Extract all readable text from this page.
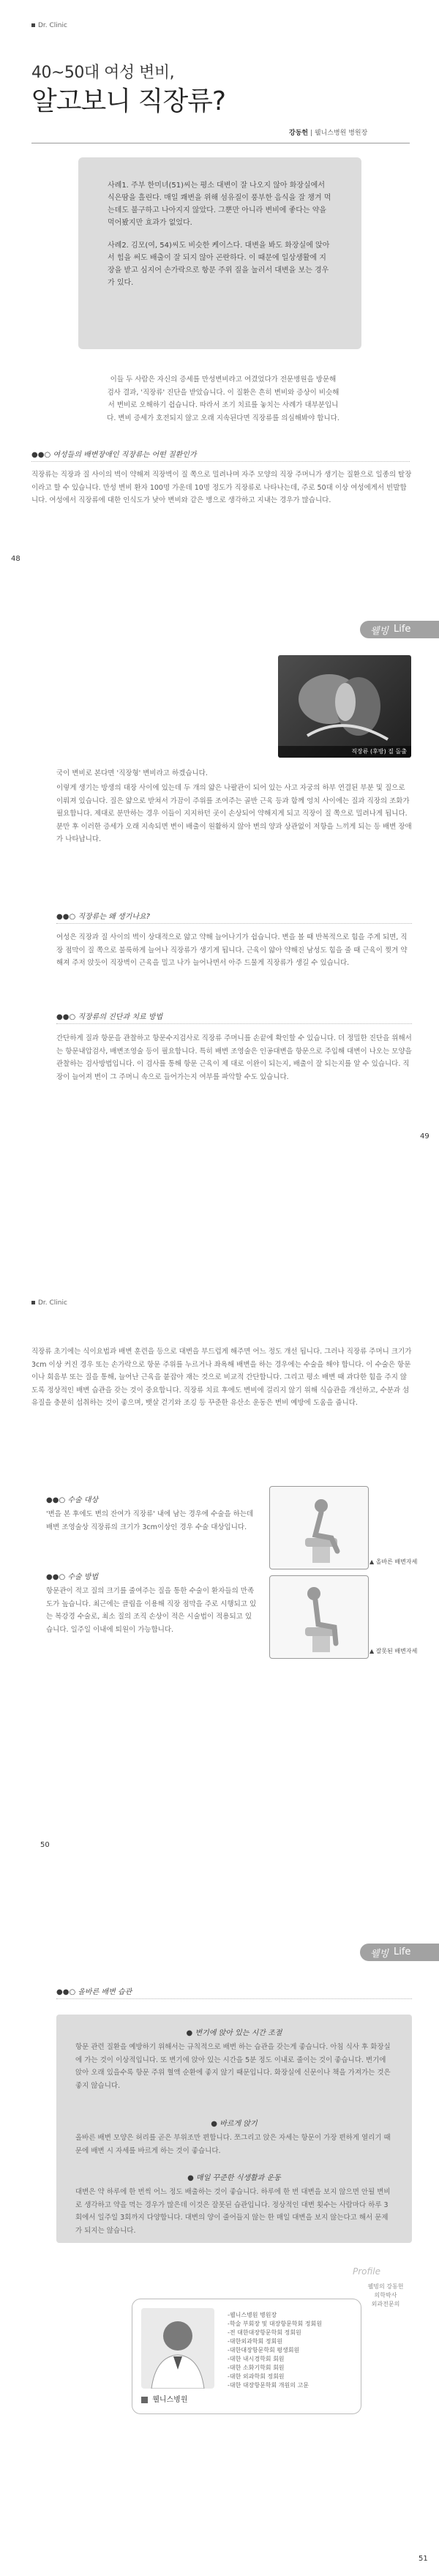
Dr. Clinic
40~50대 여성 변비,
알고보니 직장류?
강동헌 | 웰니스병원 병원장

사례1. 주부 한미녀(51)씨는 평소 대변이 잘 나오지 않아 화장실에서 식은땀을 흘린다. 매일 쾌변을 위해 섬유질이 풍부한 음식을 잘 챙겨 먹는데도 불구하고 나아지지 않았다. 그뿐만 아니라 변비에 좋다는 약을 먹어봤지만 효과가 없었다.

사례2. 김모(여, 54)씨도 비슷한 케이스다. 대변을 봐도 화장실에 앉아서 힘을 써도 배출이 잘 되지 않아 곤란하다. 이 때문에 일상생활에 지장을 받고 심지어 손가락으로 항문 주위 질을 눌러서 대변을 보는 경우가 있다.

이들 두 사람은 자신의 증세를 만성변비라고 여겼었다가 전문병원을 방문해 검사 결과, '직장류' 진단을 받았습니다. 이 질환은 흔히 변비와 증상이 비슷해서 변비로 오해하기 쉽습니다. 따라서 조기 치료를 놓치는 사례가 대부분입니다. 변비 증세가 호전되지 않고 오래 지속된다면 직장류를 의심해봐야 합니다.

●●○ 여성들의 배변장애인 직장류는 어떤 질환인가

직장류는 직장과 질 사이의 벽이 약해져 직장벽이 질 쪽으로 밀려나며 자주 모양의 직장 주머니가 생기는 질환으로 일종의 탈장이라고 할 수 있습니다. 만성 변비 환자 100명 가운데 10명 정도가 직장류로 나타나는데, 주로 50대 이상 여성에게서 빈발합니다. 여성에서 직장류에 대한 인식도가 낮아 변비와 같은 병으로 생각하고 지내는 경우가 많습니다.

48
웰빙 Life
직장류 (후방) 질 돌출

국이 변비로 본다면 '직장형' 변비라고 하겠습니다.

이렇게 생기는 방생의 대장 사이에 있는데 두 개의 얇은 나팔관이 되어 있는 사고 자궁의 하부 연결된 부분 및 질으로 이뤄져 있습니다. 질은 얇으로 받쳐서 가끔이 주위를 조여주는 골반 근육 등과 함께 엉치 사이에는 질과 직장의 조화가 필요합니다. 제대로 분만하는 경우 이들이 지지하던 곳이 손상되어 약해지게 되고 직장이 질 쪽으로 밀려나게 됩니다. 분만 후 이러한 증세가 오래 지속되면 변이 배출이 원활하지 않아 변의 양과 상관없이 저항을 느끼게 되는 등 배변 장애가 나타납니다.

●●○ 직장류는 왜 생기나요?

여성은 직장과 질 사이의 벽이 상대적으로 얇고 약해 늘어나기가 쉽습니다. 변을 볼 때 반복적으로 힘을 주게 되면, 직장 점막이 질 쪽으로 불룩하게 늘어나 직장류가 생기게 됩니다. 근육이 얇아 약해진 남성도 힘을 줄 때 근육이 찢겨 약해져 주저 앉듯이 직장벽이 근육을 밀고 나가 늘어나면서 아주 드물게 직장류가 생길 수 있습니다.

●●○ 직장류의 진단과 치료 방법

간단하게 질과 항문을 관찰하고 항문수지검사로 직장류 주머니를 손끝에 확인할 수 있습니다. 더 정밀한 진단을 위해서는 항문내압검사, 배변조영술 등이 필요합니다. 특히 배변 조영술은 인공대변을 항문으로 주입해 대변이 나오는 모양을 관찰하는 검사방법입니다. 이 검사를 통해 항문 근육이 제 대로 이완이 되는지, 배출이 잘 되는지를 알 수 있습니다. 직장이 늘어져 변이 그 주머니 속으로 들어가는지 여부를 파악할 수도 있습니다.

49
Dr. Clinic

직장류 초기에는 식이요법과 배변 훈련을 등으로 대변을 부드럽게 해주면 어느 정도 개선 됩니다. 그러나 직장류 주머니 크기가 3cm 이상 커진 경우 또는 손가락으로 항문 주위를 누르거나 좌욕해 배변을 하는 경우에는 수술을 해야 합니다. 이 수술은 항문이나 회음부 또는 질을 통해, 늘어난 근육을 붙잡아 재는 것으로 비교적 간단합니다. 그리고 평소 배변 때 과다한 힘을 주지 않도록 정상적인 배변 습관을 갖는 것이 중요합니다. 직장류 치료 후에도 변비에 걸리지 않기 위해 식습관을 개선하고, 수분과 섬유질을 충분히 섭취하는 것이 좋으며, 뱃살 걷기와 조깅 등 꾸준한 유산소 운동은 변비 예방에 도움을 줍니다.

●●○ 수술 대상

'변을 본 후에도 변의 잔여가 직장류' 내에 남는 경우에 수술을 하는데 배변 조영술상 직장류의 크기가 3cm이상인 경우 수술 대상입니다.

●●○ 수술 방법

항문관이 적고 질의 크기를 줄여주는 질을 통한 수술이 환자들의 만족도가 높습니다. 최근에는 클립을 이용해 직장 점막을 주로 시행되고 있는 복강경 수술로, 최소 질의 조직 손상이 적은 시술법이 적용되고 있습니다. 일주일 이내에 퇴원이 가능합니다.

▲ 올바른 배변자세
▲ 잘못된 배변자세
50
웰빙 Life
●●○ 올바른 배변 습관
● 변기에 앉아 있는 시간 조절

항문 관련 질환을 예방하기 위해서는 규칙적으로 배변 하는 습관을 갖는게 좋습니다. 아침 식사 후 화장실에 가는 것이 이상적입니다. 또 변기에 앉아 있는 시간을 5분 정도 이내로 줄이는 것이 좋습니다. 변기에 앉아 오래 있을수록 항문 주위 혈액 순환에 좋지 않기 때문입니다. 화장실에 신문이나 책을 가져가는 것은 좋지 않습니다.

● 바르게 앉기

올바른 배변 모양은 허리를 곧은 부위조만 편합니다. 쪼그리고 앉은 자세는 항문이 가장 편하게 열리기 때문에 배변 시 자세를 바르게 하는 것이 좋습니다.

● 매일 꾸준한 식생활과 운동

대변은 약 하루에 한 번씩 어느 정도 배출하는 것이 좋습니다. 하루에 한 번 대변을 보지 않으면 안될 변비로 생각하고 약을 먹는 경우가 많은데 이것은 잘못된 습관입니다. 정상적인 대변 횟수는 사람마다 하루 3회에서 일주일 3회까지 다양합니다. 대변의 양이 줄어들지 않는 한 매일 대변을 보지 않는다고 해서 문제가 되지는 않습니다.

웰빙의 강동헌
의학박사
외과전문의
Profile
웰니스병원
-웰니스병원 병원장
-학술 부회장 및 대장항문학회 정회원
-전 대한대장항문학회 정회원
-대한외과학회 정회원
-대한대장항문학회 평생회원
-대한 내시경학회 회원
-대한 소화기학회 회원
-대한 외과학회 정회원
-대한 대장항문학회 개원의 고문
51
